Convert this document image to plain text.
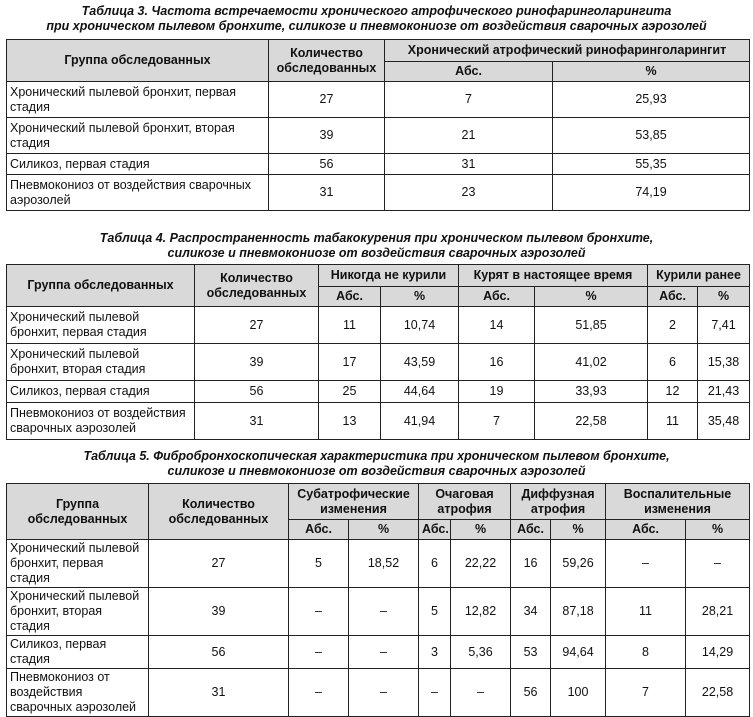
Таблица 3. Частота встречаемости хронического атрофического ринофаринголарингита
при хроническом пылевом бронхите, силикозе и пневмокониозе от воздействия сварочных аэрозолей
Группа обследованных	Количество обследованных	Хронический атрофический ринофаринголарингит	
		Абс.	%
Хронический пылевой бронхит, первая стадия	27	7	25,93
Хронический пылевой бронхит, вторая стадия	39	21	53,85
Силикоз, первая стадия	56	31	55,35
Пневмокониоз от воздействия сварочных аэрозолей	31	23	74,19
Таблица 4. Распространенность табакокурения при хроническом пылевом бронхите,
силикозе и пневмокониозе от воздействия сварочных аэрозолей
Группа обследованных	Количество обследованных	Никогда не курили		Курят в настоящее время		Курили ранее	
		Абс.	%	Абс.	%	Абс.	%
Хронический пылевой бронхит, первая стадия	27	11	10,74	14	51,85	2	7,41
Хронический пылевой бронхит, вторая стадия	39	17	43,59	16	41,02	6	15,38
Силикоз, первая стадия	56	25	44,64	19	33,93	12	21,43
Пневмокониоз от воздействия сварочных аэрозолей	31	13	41,94	7	22,58	11	35,48
Таблица 5. Фибробронхоскопическая характеристика при хроническом пылевом бронхите,
силикозе и пневмокониозе от воздействия сварочных аэрозолей
Группа обследованных	Количество обследованных	Субатрофические изменения		Очаговая атрофия		Диффузная атрофия		Воспалительные изменения	
		Абс.	%	Абс.	%	Абс.	%	Абс.	%
Хронический пылевой бронхит, первая стадия	27	5	18,52	6	22,22	16	59,26	–	–
Хронический пылевой бронхит, вторая стадия	39	–	–	5	12,82	34	87,18	11	28,21
Силикоз, первая стадия	56	–	–	3	5,36	53	94,64	8	14,29
Пневмокониоз от воздействия сварочных аэрозолей	31	–	–	–	–	56	100	7	22,58
